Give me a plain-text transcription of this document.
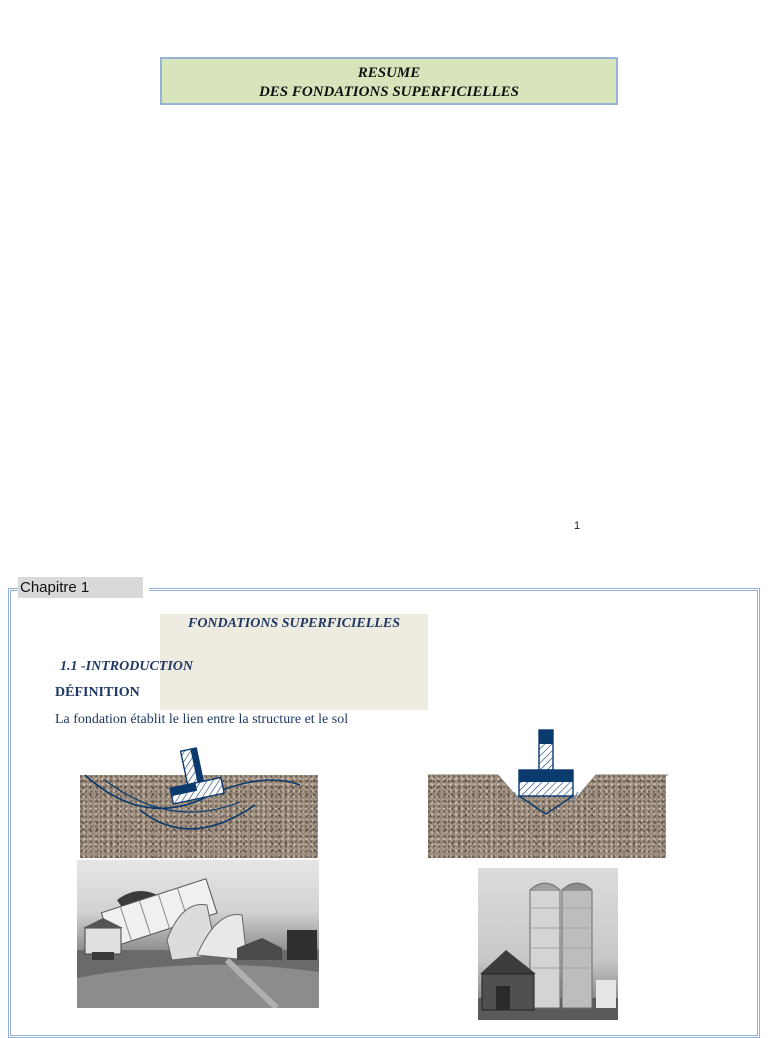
RESUME
DES FONDATIONS SUPERFICIELLES
1
Chapitre 1
FONDATIONS SUPERFICIELLES
1.1 -INTRODUCTION
DÉFINITION
La fondation établit le lien entre la structure et le sol
